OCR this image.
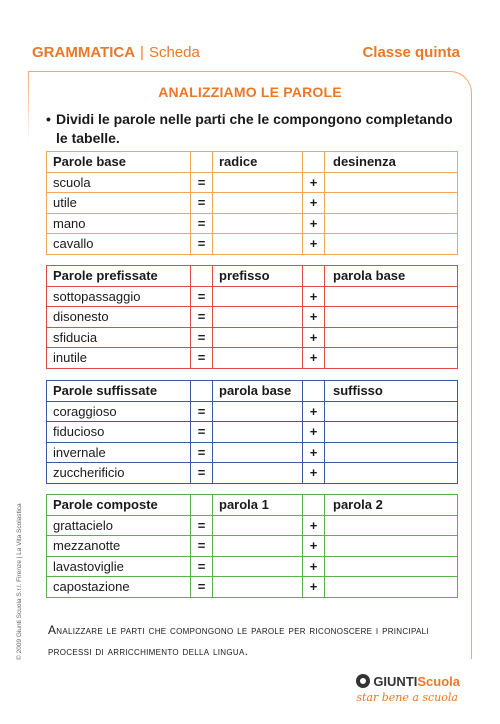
GRAMMATICA | Scheda	Classe quinta
ANALIZZIAMO LE PAROLE
• Dividi le parole nelle parti che le compongono completando le tabelle.
Parole base		radice		desinenza
scuola	=		+	
utile	=		+	
mano	=		+	
cavallo	=		+	
Parole prefissate		prefisso		parola base
sottopassaggio	=		+	
disonesto	=		+	
sfiducia	=		+	
inutile	=		+	
Parole suffissate		parola base		suffisso
coraggioso	=		+	
fiducioso	=		+	
invernale	=		+	
zuccherificio	=		+	
Parole composte		parola 1		parola 2
grattacielo	=		+	
mezzanotte	=		+	
lavastoviglie	=		+	
capostazione	=		+	
Analizzare le parti che compongono le parole per riconoscere i principali processi di arricchimento della lingua.
© 2009 Giunti Scuola S.r.l. Firenze | La Vita Scolastica
GIUNTIScuola
star bene a scuola
